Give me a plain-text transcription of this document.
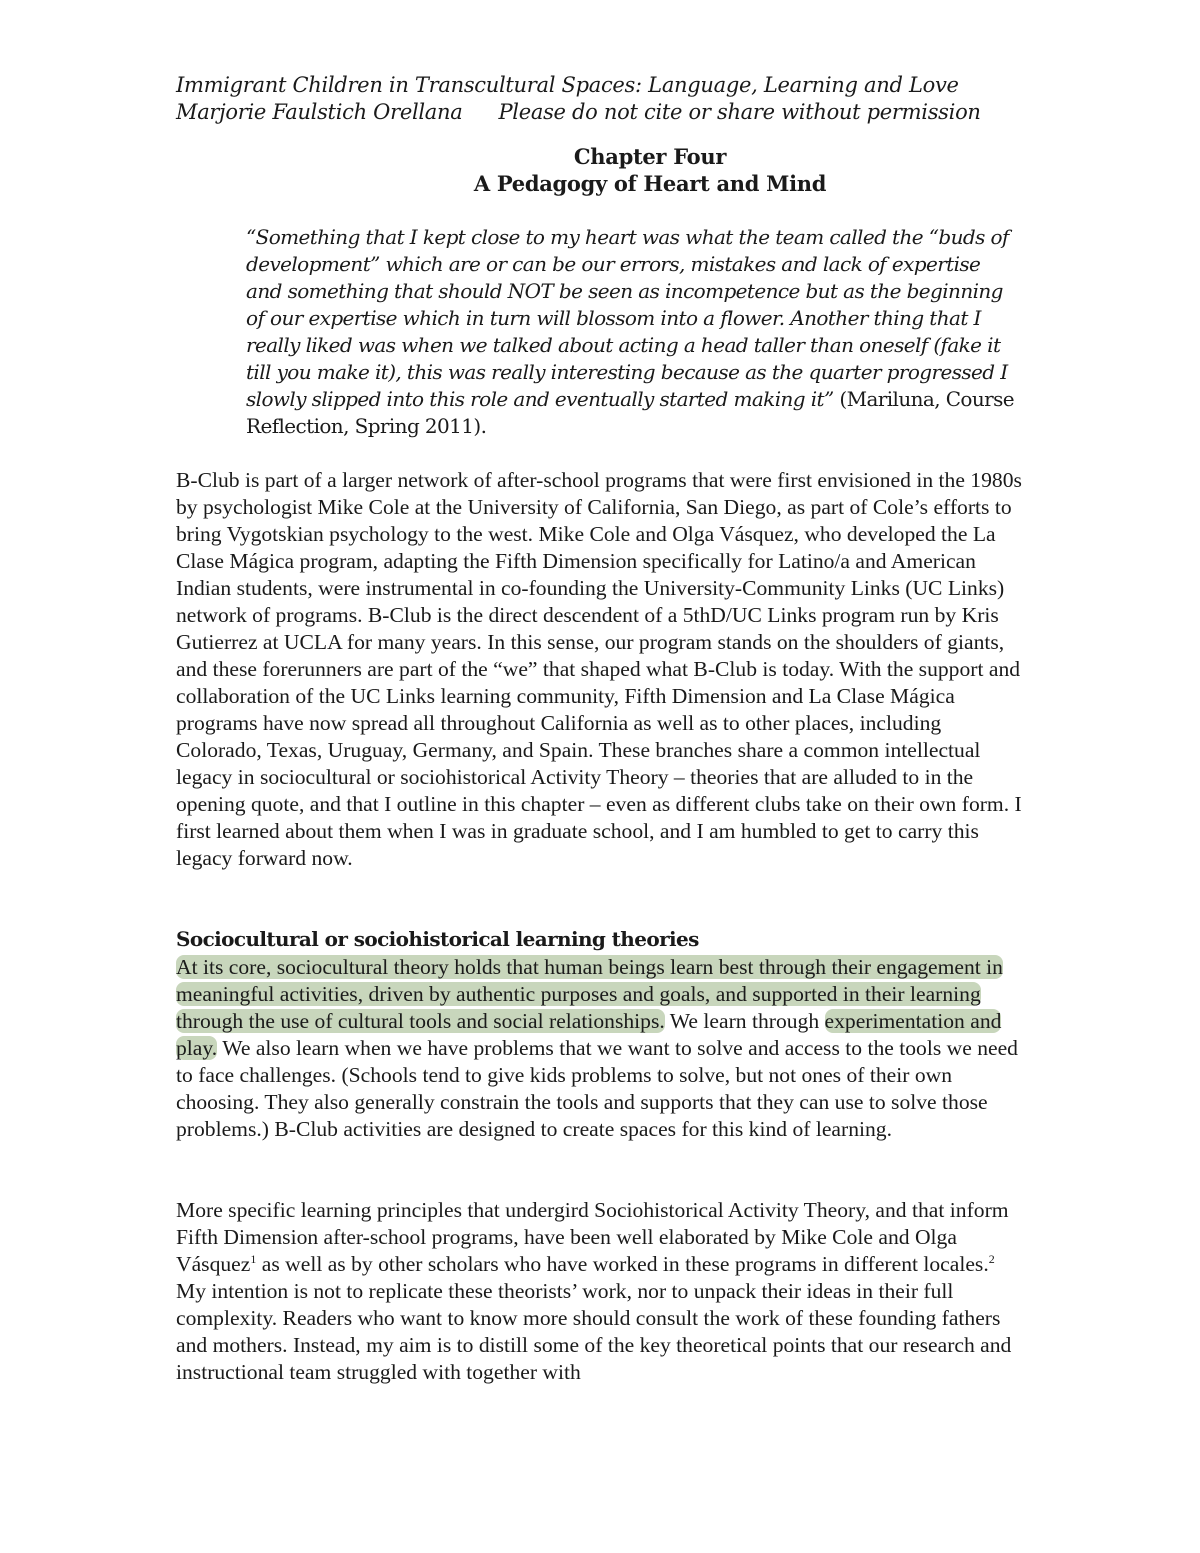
Immigrant Children in Transcultural Spaces: Language, Learning and Love
Marjorie Faulstich Orellana Please do not cite or share without permission
Chapter Four
A Pedagogy of Heart and Mind
“Something that I kept close to my heart was what the team called the “buds of development” which are or can be our errors, mistakes and lack of expertise and something that should NOT be seen as incompetence but as the beginning of our expertise which in turn will blossom into a flower. Another thing that I really liked was when we talked about acting a head taller than oneself (fake it till you make it), this was really interesting because as the quarter progressed I slowly slipped into this role and eventually started making it” (Mariluna, Course Reflection, Spring 2011).
B-Club is part of a larger network of after-school programs that were first envisioned in the 1980s by psychologist Mike Cole at the University of California, San Diego, as part of Cole’s efforts to bring Vygotskian psychology to the west. Mike Cole and Olga Vásquez, who developed the La Clase Mágica program, adapting the Fifth Dimension specifically for Latino/a and American Indian students, were instrumental in co-founding the University-Community Links (UC Links) network of programs. B-Club is the direct descendent of a 5thD/UC Links program run by Kris Gutierrez at UCLA for many years. In this sense, our program stands on the shoulders of giants, and these forerunners are part of the “we” that shaped what B-Club is today. With the support and collaboration of the UC Links learning community, Fifth Dimension and La Clase Mágica programs have now spread all throughout California as well as to other places, including Colorado, Texas, Uruguay, Germany, and Spain. These branches share a common intellectual legacy in sociocultural or sociohistorical Activity Theory – theories that are alluded to in the opening quote, and that I outline in this chapter – even as different clubs take on their own form. I first learned about them when I was in graduate school, and I am humbled to get to carry this legacy forward now.
Sociocultural or sociohistorical learning theories
At its core, sociocultural theory holds that human beings learn best through their engagement in meaningful activities, driven by authentic purposes and goals, and supported in their learning through the use of cultural tools and social relationships. We learn through experimentation and play. We also learn when we have problems that we want to solve and access to the tools we need to face challenges. (Schools tend to give kids problems to solve, but not ones of their own choosing. They also generally constrain the tools and supports that they can use to solve those problems.) B-Club activities are designed to create spaces for this kind of learning.
More specific learning principles that undergird Sociohistorical Activity Theory, and that inform Fifth Dimension after-school programs, have been well elaborated by Mike Cole and Olga Vásquez$^1$ as well as by other scholars who have worked in these programs in different locales.$^2$ My intention is not to replicate these theorists’ work, nor to unpack their ideas in their full complexity. Readers who want to know more should consult the work of these founding fathers and mothers. Instead, my aim is to distill some of the key theoretical points that our research and instructional team struggled with together with
